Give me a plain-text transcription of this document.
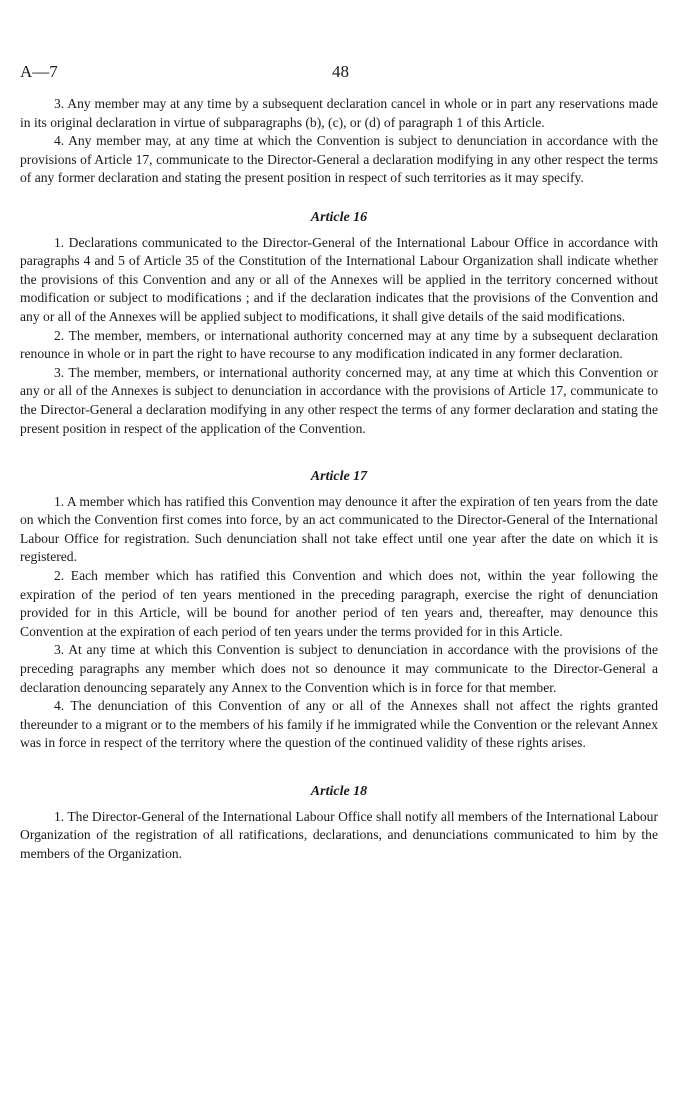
A—7	48

3. Any member may at any time by a subsequent declaration cancel in whole or in part any reservations made in its original declaration in virtue of subparagraphs (b), (c), or (d) of paragraph 1 of this Article.

4. Any member may, at any time at which the Convention is subject to denunciation in accordance with the provisions of Article 17, communicate to the Director-General a declaration modifying in any other respect the terms of any former declaration and stating the present position in respect of such territories as it may specify.

Article 16

1. Declarations communicated to the Director-General of the International Labour Office in accordance with paragraphs 4 and 5 of Article 35 of the Constitution of the International Labour Organization shall indicate whether the provisions of this Convention and any or all of the Annexes will be applied in the territory concerned without modification or subject to modifications ; and if the declaration indicates that the provisions of the Convention and any or all of the Annexes will be applied subject to modifications, it shall give details of the said modifications.

2. The member, members, or international authority concerned may at any time by a subsequent declaration renounce in whole or in part the right to have recourse to any modification indicated in any former declaration.

3. The member, members, or international authority concerned may, at any time at which this Convention or any or all of the Annexes is subject to denunciation in accordance with the provisions of Article 17, communicate to the Director-General a declaration modifying in any other respect the terms of any former declaration and stating the present position in respect of the application of the Convention.

Article 17

1. A member which has ratified this Convention may denounce it after the expiration of ten years from the date on which the Convention first comes into force, by an act communicated to the Director-General of the International Labour Office for registration. Such denunciation shall not take effect until one year after the date on which it is registered.

2. Each member which has ratified this Convention and which does not, within the year following the expiration of the period of ten years mentioned in the preceding paragraph, exercise the right of denunciation provided for in this Article, will be bound for another period of ten years and, thereafter, may denounce this Convention at the expiration of each period of ten years under the terms provided for in this Article.

3. At any time at which this Convention is subject to denunciation in accordance with the provisions of the preceding paragraphs any member which does not so denounce it may communicate to the Director-General a declaration denouncing separately any Annex to the Convention which is in force for that member.

4. The denunciation of this Convention of any or all of the Annexes shall not affect the rights granted thereunder to a migrant or to the members of his family if he immigrated while the Convention or the relevant Annex was in force in respect of the territory where the question of the continued validity of these rights arises.

Article 18

1. The Director-General of the International Labour Office shall notify all members of the International Labour Organization of the registration of all ratifications, declarations, and denunciations communicated to him by the members of the Organization.
